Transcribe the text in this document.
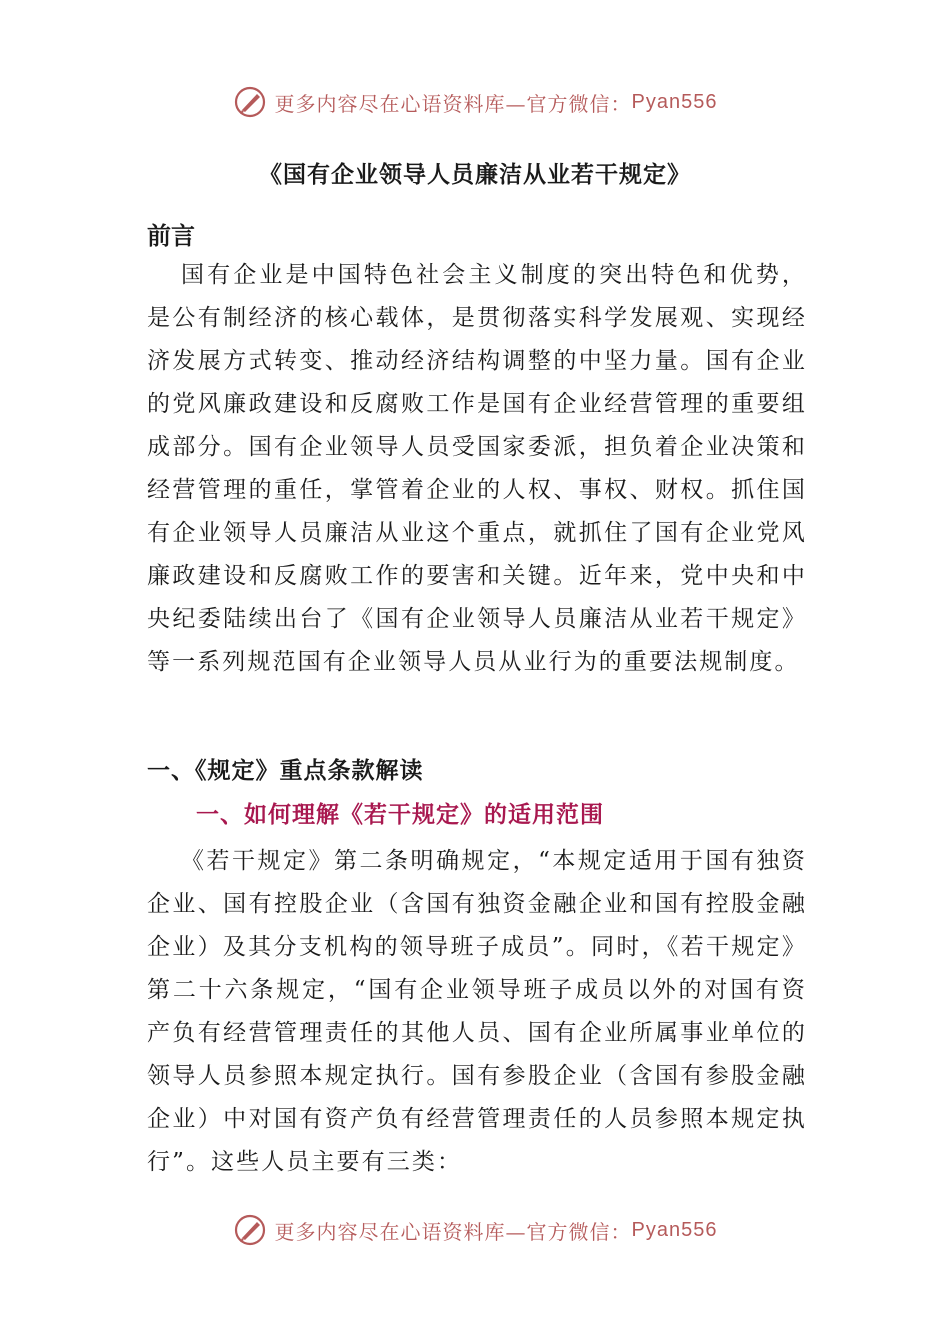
更多内容尽在心语资料库—官方微信： Pyan556
《国有企业领导人员廉洁从业若干规定》
前言

国有企业是中国特色社会主义制度的突出特色和优势，是公有制经济的核心载体，是贯彻落实科学发展观、实现经济发展方式转变、推动经济结构调整的中坚力量。国有企业的党风廉政建设和反腐败工作是国有企业经营管理的重要组成部分。国有企业领导人员受国家委派，担负着企业决策和经营管理的重任，掌管着企业的人权、事权、财权。抓住国有企业领导人员廉洁从业这个重点，就抓住了国有企业党风廉政建设和反腐败工作的要害和关键。近年来，党中央和中央纪委陆续出台了《国有企业领导人员廉洁从业若干规定》等一系列规范国有企业领导人员从业行为的重要法规制度。

一、《规定》重点条款解读
一、如何理解《若干规定》的适用范围

《若干规定》第二条明确规定，“本规定适用于国有独资企业、国有控股企业（含国有独资金融企业和国有控股金融企业）及其分支机构的领导班子成员”。同时，《若干规定》第二十六条规定，“国有企业领导班子成员以外的对国有资产负有经营管理责任的其他人员、国有企业所属事业单位的领导人员参照本规定执行。国有参股企业（含国有参股金融企业）中对国有资产负有经营管理责任的人员参照本规定执行”。这些人员主要有三类：

更多内容尽在心语资料库—官方微信： Pyan556
